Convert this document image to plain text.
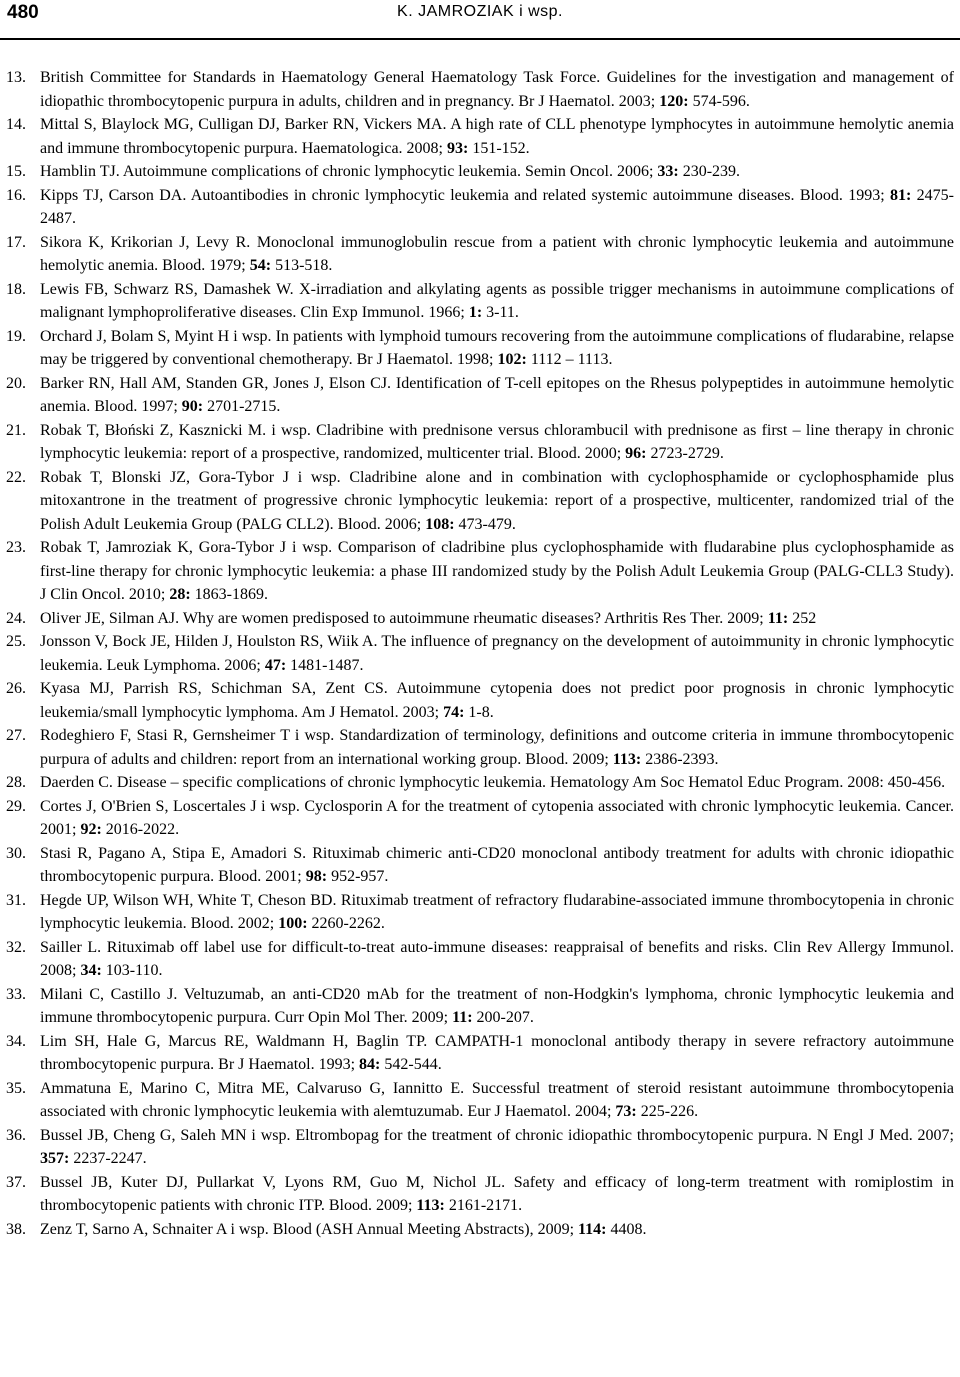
480	K. JAMROZIAK i wsp.
13. British Committee for Standards in Haematology General Haematology Task Force. Guidelines for the investigation and management of idiopathic thrombocytopenic purpura in adults, children and in pregnancy. Br J Haematol. 2003; 120: 574-596.
14. Mittal S, Blaylock MG, Culligan DJ, Barker RN, Vickers MA. A high rate of CLL phenotype lymphocytes in autoimmune hemolytic anemia and immune thrombocytopenic purpura. Haematologica. 2008; 93: 151-152.
15. Hamblin TJ. Autoimmune complications of chronic lymphocytic leukemia. Semin Oncol. 2006; 33: 230-239.
16. Kipps TJ, Carson DA. Autoantibodies in chronic lymphocytic leukemia and related systemic autoimmune diseases. Blood. 1993; 81: 2475-2487.
17. Sikora K, Krikorian J, Levy R. Monoclonal immunoglobulin rescue from a patient with chronic lymphocytic leukemia and autoimmune hemolytic anemia. Blood. 1979; 54: 513-518.
18. Lewis FB, Schwarz RS, Damashek W. X-irradiation and alkylating agents as possible trigger mechanisms in autoimmune complications of malignant lymphoproliferative diseases. Clin Exp Immunol. 1966; 1: 3-11.
19. Orchard J, Bolam S, Myint H i wsp. In patients with lymphoid tumours recovering from the autoimmune complications of fludarabine, relapse may be triggered by conventional chemotherapy. Br J Haematol. 1998; 102: 1112 – 1113.
20. Barker RN, Hall AM, Standen GR, Jones J, Elson CJ. Identification of T-cell epitopes on the Rhesus polypeptides in autoimmune hemolytic anemia. Blood. 1997; 90: 2701-2715.
21. Robak T, Błoński Z, Kasznicki M. i wsp. Cladribine with prednisone versus chlorambucil with prednisone as first – line therapy in chronic lymphocytic leukemia: report of a prospective, randomized, multicenter trial. Blood. 2000; 96: 2723-2729.
22. Robak T, Blonski JZ, Gora-Tybor J i wsp. Cladribine alone and in combination with cyclophosphamide or cyclophosphamide plus mitoxantrone in the treatment of progressive chronic lymphocytic leukemia: report of a prospective, multicenter, randomized trial of the Polish Adult Leukemia Group (PALG CLL2). Blood. 2006; 108: 473-479.
23. Robak T, Jamroziak K, Gora-Tybor J i wsp. Comparison of cladribine plus cyclophosphamide with fludarabine plus cyclophosphamide as first-line therapy for chronic lymphocytic leukemia: a phase III randomized study by the Polish Adult Leukemia Group (PALG-CLL3 Study). J Clin Oncol. 2010; 28: 1863-1869.
24. Oliver JE, Silman AJ. Why are women predisposed to autoimmune rheumatic diseases? Arthritis Res Ther. 2009; 11: 252
25. Jonsson V, Bock JE, Hilden J, Houlston RS, Wiik A. The influence of pregnancy on the development of autoimmunity in chronic lymphocytic leukemia. Leuk Lymphoma. 2006; 47: 1481-1487.
26. Kyasa MJ, Parrish RS, Schichman SA, Zent CS. Autoimmune cytopenia does not predict poor prognosis in chronic lymphocytic leukemia/small lymphocytic lymphoma. Am J Hematol. 2003; 74: 1-8.
27. Rodeghiero F, Stasi R, Gernsheimer T i wsp. Standardization of terminology, definitions and outcome criteria in immune thrombocytopenic purpura of adults and children: report from an international working group. Blood. 2009; 113: 2386-2393.
28. Daerden C. Disease – specific complications of chronic lymphocytic leukemia. Hematology Am Soc Hematol Educ Program. 2008: 450-456.
29. Cortes J, O'Brien S, Loscertales J i wsp. Cyclosporin A for the treatment of cytopenia associated with chronic lymphocytic leukemia. Cancer. 2001; 92: 2016-2022.
30. Stasi R, Pagano A, Stipa E, Amadori S. Rituximab chimeric anti-CD20 monoclonal antibody treatment for adults with chronic idiopathic thrombocytopenic purpura. Blood. 2001; 98: 952-957.
31. Hegde UP, Wilson WH, White T, Cheson BD. Rituximab treatment of refractory fludarabine-associated immune thrombocytopenia in chronic lymphocytic leukemia. Blood. 2002; 100: 2260-2262.
32. Sailler L. Rituximab off label use for difficult-to-treat auto-immune diseases: reappraisal of benefits and risks. Clin Rev Allergy Immunol. 2008; 34: 103-110.
33. Milani C, Castillo J. Veltuzumab, an anti-CD20 mAb for the treatment of non-Hodgkin's lymphoma, chronic lymphocytic leukemia and immune thrombocytopenic purpura. Curr Opin Mol Ther. 2009; 11: 200-207.
34. Lim SH, Hale G, Marcus RE, Waldmann H, Baglin TP. CAMPATH-1 monoclonal antibody therapy in severe refractory autoimmune thrombocytopenic purpura. Br J Haematol. 1993; 84: 542-544.
35. Ammatuna E, Marino C, Mitra ME, Calvaruso G, Iannitto E. Successful treatment of steroid resistant autoimmune thrombocytopenia associated with chronic lymphocytic leukemia with alemtuzumab. Eur J Haematol. 2004; 73: 225-226.
36. Bussel JB, Cheng G, Saleh MN i wsp. Eltrombopag for the treatment of chronic idiopathic thrombocytopenic purpura. N Engl J Med. 2007; 357: 2237-2247.
37. Bussel JB, Kuter DJ, Pullarkat V, Lyons RM, Guo M, Nichol JL. Safety and efficacy of long-term treatment with romiplostim in thrombocytopenic patients with chronic ITP. Blood. 2009; 113: 2161-2171.
38. Zenz T, Sarno A, Schnaiter A i wsp. Blood (ASH Annual Meeting Abstracts), 2009; 114: 4408.
